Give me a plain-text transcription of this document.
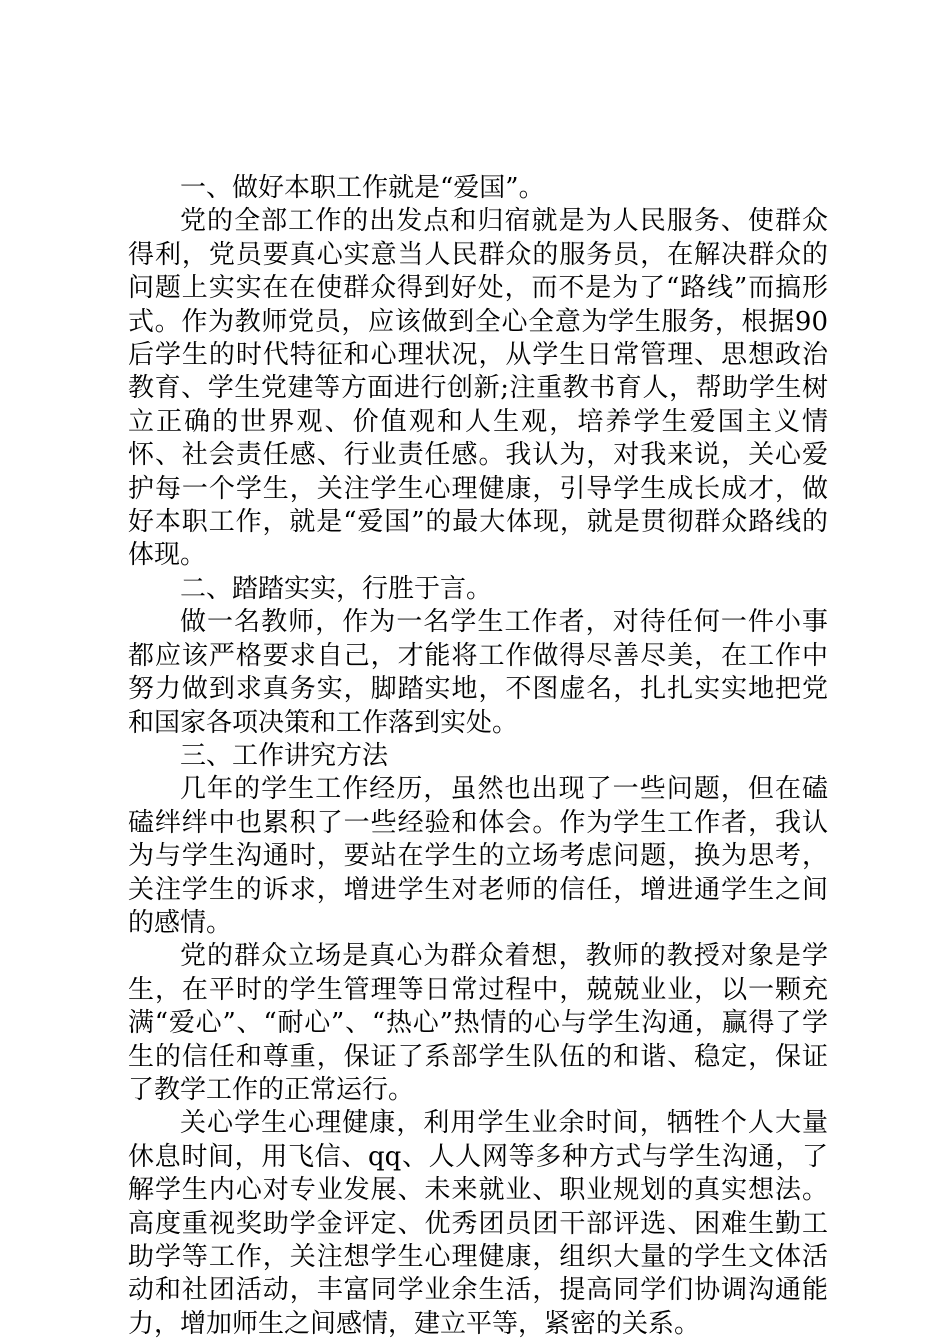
一、做好本职工作就是“爱国”。

党的全部工作的出发点和归宿就是为人民服务、使群众得利，党员要真心实意当人民群众的服务员，在解决群众的问题上实实在在使群众得到好处，而不是为了“路线”而搞形式。作为教师党员，应该做到全心全意为学生服务，根据90后学生的时代特征和心理状况，从学生日常管理、思想政治教育、学生党建等方面进行创新;注重教书育人，帮助学生树立正确的世界观、价值观和人生观，培养学生爱国主义情怀、社会责任感、行业责任感。我认为，对我来说，关心爱护每一个学生，关注学生心理健康，引导学生成长成才，做好本职工作，就是“爱国”的最大体现，就是贯彻群众路线的体现。

二、踏踏实实，行胜于言。

做一名教师，作为一名学生工作者，对待任何一件小事都应该严格要求自己，才能将工作做得尽善尽美，在工作中努力做到求真务实，脚踏实地，不图虚名，扎扎实实地把党和国家各项决策和工作落到实处。

三、工作讲究方法

几年的学生工作经历，虽然也出现了一些问题，但在磕磕绊绊中也累积了一些经验和体会。作为学生工作者，我认为与学生沟通时，要站在学生的立场考虑问题，换为思考，关注学生的诉求，增进学生对老师的信任，增进通学生之间的感情。

党的群众立场是真心为群众着想，教师的教授对象是学生，在平时的学生管理等日常过程中，兢兢业业，以一颗充满“爱心”、“耐心”、“热心”热情的心与学生沟通，赢得了学生的信任和尊重，保证了系部学生队伍的和谐、稳定，保证了教学工作的正常运行。

关心学生心理健康，利用学生业余时间，牺牲个人大量休息时间，用飞信、qq、人人网等多种方式与学生沟通，了解学生内心对专业发展、未来就业、职业规划的真实想法。高度重视奖助学金评定、优秀团员团干部评选、困难生勤工助学等工作，关注想学生心理健康，组织大量的学生文体活动和社团活动，丰富同学业余生活，提高同学们协调沟通能力，增加师生之间感情，建立平等，紧密的关系。
